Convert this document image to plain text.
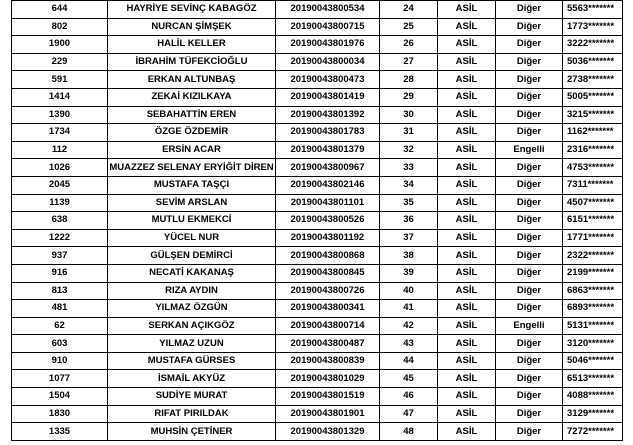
644	HAYRİYE SEVİNÇ KABAGÖZ	20190043800534	24	ASİL	Diğer	5563*******
802	NURCAN ŞİMŞEK	20190043800715	25	ASİL	Diğer	1773*******
1900	HALİL KELLER	20190043801976	26	ASİL	Diğer	3222*******
229	İBRAHİM TÜFEKCİOĞLU	20190043800034	27	ASİL	Diğer	5036*******
591	ERKAN ALTUNBAŞ	20190043800473	28	ASİL	Diğer	2738*******
1414	ZEKAİ KIZILKAYA	20190043801419	29	ASİL	Diğer	5005*******
1390	SEBAHATTİN EREN	20190043801392	30	ASİL	Diğer	3215*******
1734	ÖZGE ÖZDEMİR	20190043801783	31	ASİL	Diğer	1162*******
112	ERSİN ACAR	20190043801379	32	ASİL	Engelli	2316*******
1026	MUAZZEZ SELENAY ERYİĞİT DİREN	20190043800967	33	ASİL	Diğer	4753*******
2045	MUSTAFA TAŞÇI	20190043802146	34	ASİL	Diğer	7311*******
1139	SEVİM ARSLAN	20190043801101	35	ASİL	Diğer	4507*******
638	MUTLU EKMEKCİ	20190043800526	36	ASİL	Diğer	6151*******
1222	YÜCEL NUR	20190043801192	37	ASİL	Diğer	1771*******
937	GÜLŞEN DEMİRCİ	20190043800868	38	ASİL	Diğer	2322*******
916	NECATİ KAKANAŞ	20190043800845	39	ASİL	Diğer	2199*******
813	RIZA AYDIN	20190043800726	40	ASİL	Diğer	6863*******
481	YILMAZ ÖZGÜN	20190043800341	41	ASİL	Diğer	6893*******
62	SERKAN AÇIKGÖZ	20190043800714	42	ASİL	Engelli	5131*******
603	YILMAZ UZUN	20190043800487	43	ASİL	Diğer	3120*******
910	MUSTAFA GÜRSES	20190043800839	44	ASİL	Diğer	5046*******
1077	İSMAİL AKYÜZ	20190043801029	45	ASİL	Diğer	6513*******
1504	SUDİYE MURAT	20190043801519	46	ASİL	Diğer	4088*******
1830	RIFAT PIRILDAK	20190043801901	47	ASİL	Diğer	3129*******
1335	MUHSİN ÇETİNER	20190043801329	48	ASİL	Diğer	7272*******
